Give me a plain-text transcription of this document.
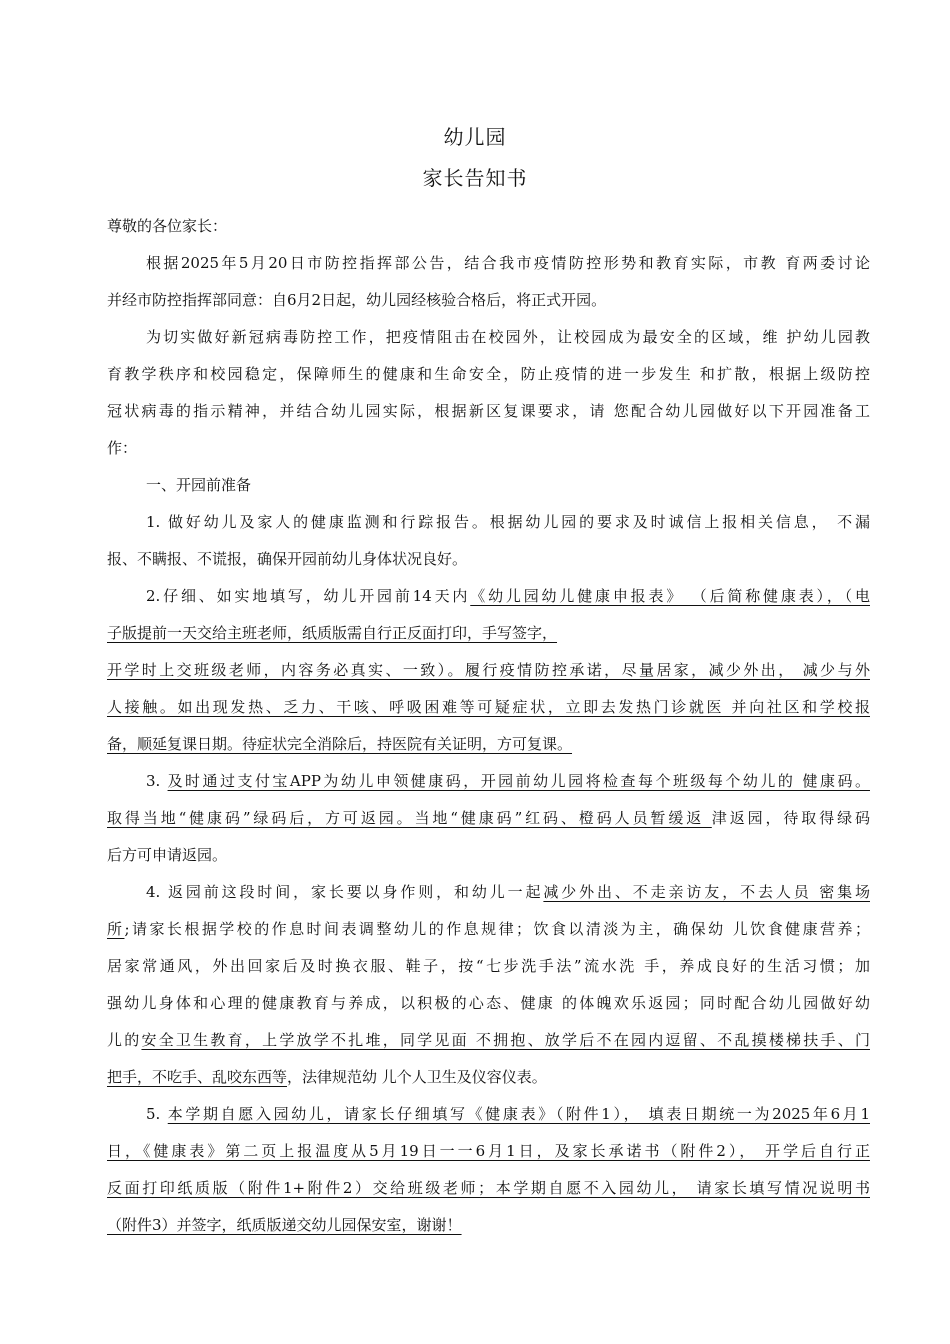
幼儿园
家长告知书

尊敬的各位家长：

根据2025年5月20日市防控指挥部公告，结合我市疫情防控形势和教育实际，市教 育两委讨论

并经市防控指挥部同意：自6月2日起，幼儿园经核验合格后，将正式开园。

为切实做好新冠病毒防控工作，把疫情阻击在校园外，让校园成为最安全的区域，维 护幼儿园教

育教学秩序和校园稳定，保障师生的健康和生命安全，防止疫情的进一步发生 和扩散，根据上级防控

冠状病毒的指示精神，并结合幼儿园实际，根据新区复课要求，请 您配合幼儿园做好以下开园准备工

作：

一、开园前准备

1. 做好幼儿及家人的健康监测和行踪报告。根据幼儿园的要求及时诚信上报相关信息， 不漏

报、不瞒报、不谎报，确保开园前幼儿身体状况良好。

2.仔细、如实地填写，幼儿开园前14天内《幼儿园幼儿健康申报表》 （后简称健康表），（电

子版提前一天交给主班老师，纸质版需自行正反面打印，手写签字，

开学时上交班级老师，内容务必真实、一致）。履行疫情防控承诺，尽量居家，减少外出， 减少与外

人接触。如出现发热、乏力、干咳、呼吸困难等可疑症状，立即去发热门诊就医 并向社区和学校报

备，顺延复课日期。待症状完全消除后，持医院有关证明，方可复课。

3. 及时通过支付宝APP为幼儿申领健康码，开园前幼儿园将检查每个班级每个幼儿的 健康码。

取得当地“健康码”绿码后，方可返园。当地“健康码”红码、橙码人员暂缓返 津返园，待取得绿码

后方可申请返园。

4. 返园前这段时间，家长要以身作则，和幼儿一起减少外出、不走亲访友，不去人员 密集场

所;请家长根据学校的作息时间表调整幼儿的作息规律；饮食以清淡为主，确保幼 儿饮食健康营养；

居家常通风，外出回家后及时换衣服、鞋子，按“七步洗手法”流水洗 手，养成良好的生活习惯；加

强幼儿身体和心理的健康教育与养成，以积极的心态、健康 的体魄欢乐返园；同时配合幼儿园做好幼

儿的安全卫生教育，上学放学不扎堆，同学见面 不拥抱、放学后不在园内逗留、不乱摸楼梯扶手、门

把手，不吃手、乱咬东西等，法律规范幼 儿个人卫生及仪容仪表。

5. 本学期自愿入园幼儿，请家长仔细填写《健康表》（附件1）， 填表日期统一为2025年6月1

日，《健康表》第二页上报温度从5月19日一一6月1日，及家长承诺书（附件2）， 开学后自行正

反面打印纸质版（附件1+附件2）交给班级老师；本学期自愿不入园幼儿， 请家长填写情况说明书

（附件3）并签字，纸质版递交幼儿园保安室，谢谢！
